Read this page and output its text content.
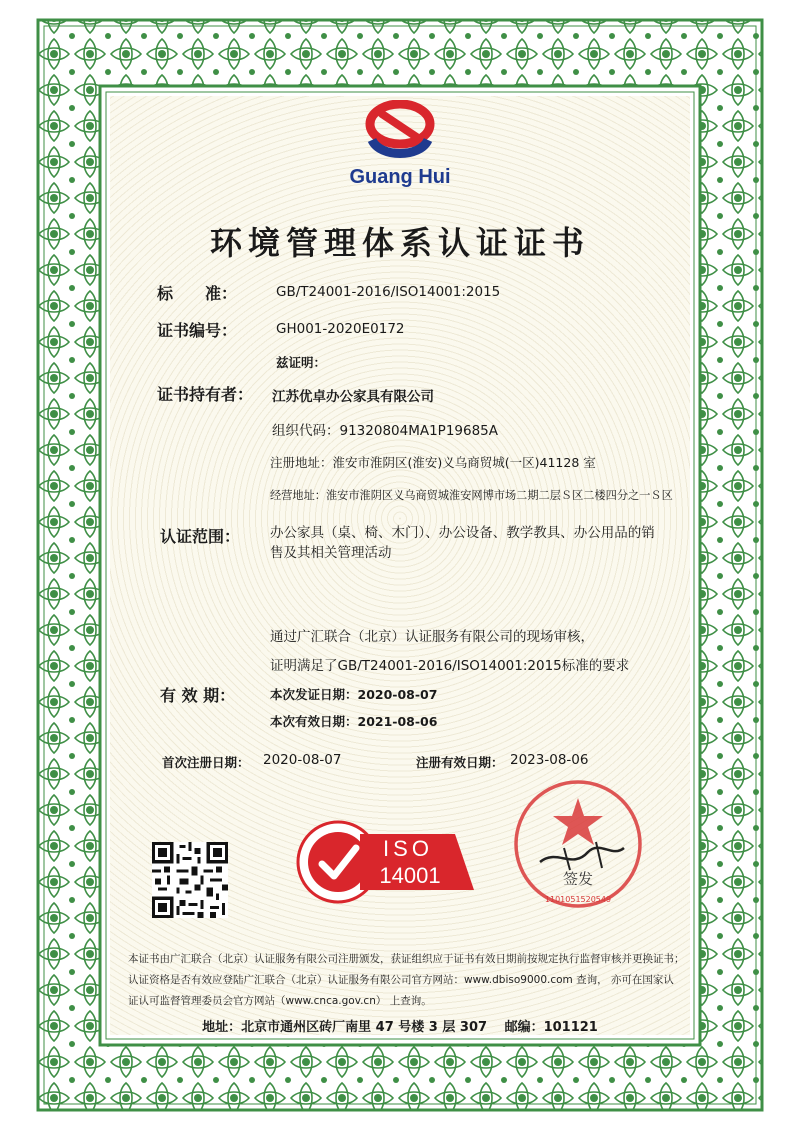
Guang Hui
环境管理体系认证证书
标　　准：	GB/T24001-2016/ISO14001:2015
证书编号：	GH001-2020E0172
兹证明：
证书持有者： 江苏优卓办公家具有限公司
组织代码：91320804MA1P19685A
注册地址：淮安市淮阴区(淮安)义乌商贸城(一区)41128 室
经营地址：淮安市淮阴区义乌商贸城淮安网博市场二期二层Ｓ区二楼四分之一Ｓ区
认证范围： 办公家具（桌、椅、木门）、办公设备、教学教具、办公用品的销
售及其相关管理活动
通过广汇联合（北京）认证服务有限公司的现场审核，
证明满足了GB/T24001-2016/ISO14001:2015标准的要求
有 效 期：	本次发证日期：2020-08-07
本次有效日期：2021-08-06
首次注册日期： 2020-08-07	注册有效日期： 2023-08-06
ISO
14001	签发
1101051520549
本证书由广汇联合（北京）认证服务有限公司注册颁发，获证组织应于证书有效日期前按规定执行监督审核并更换证书；
认证资格是否有效应登陆广汇联合（北京）认证服务有限公司官方网站：www.dbiso9000.com 查询， 亦可在国家认
证认可监督管理委员会官方网站（www.cnca.gov.cn） 上查询。
地址：北京市通州区砖厂南里 47 号楼 3 层 307　 邮编：101121
